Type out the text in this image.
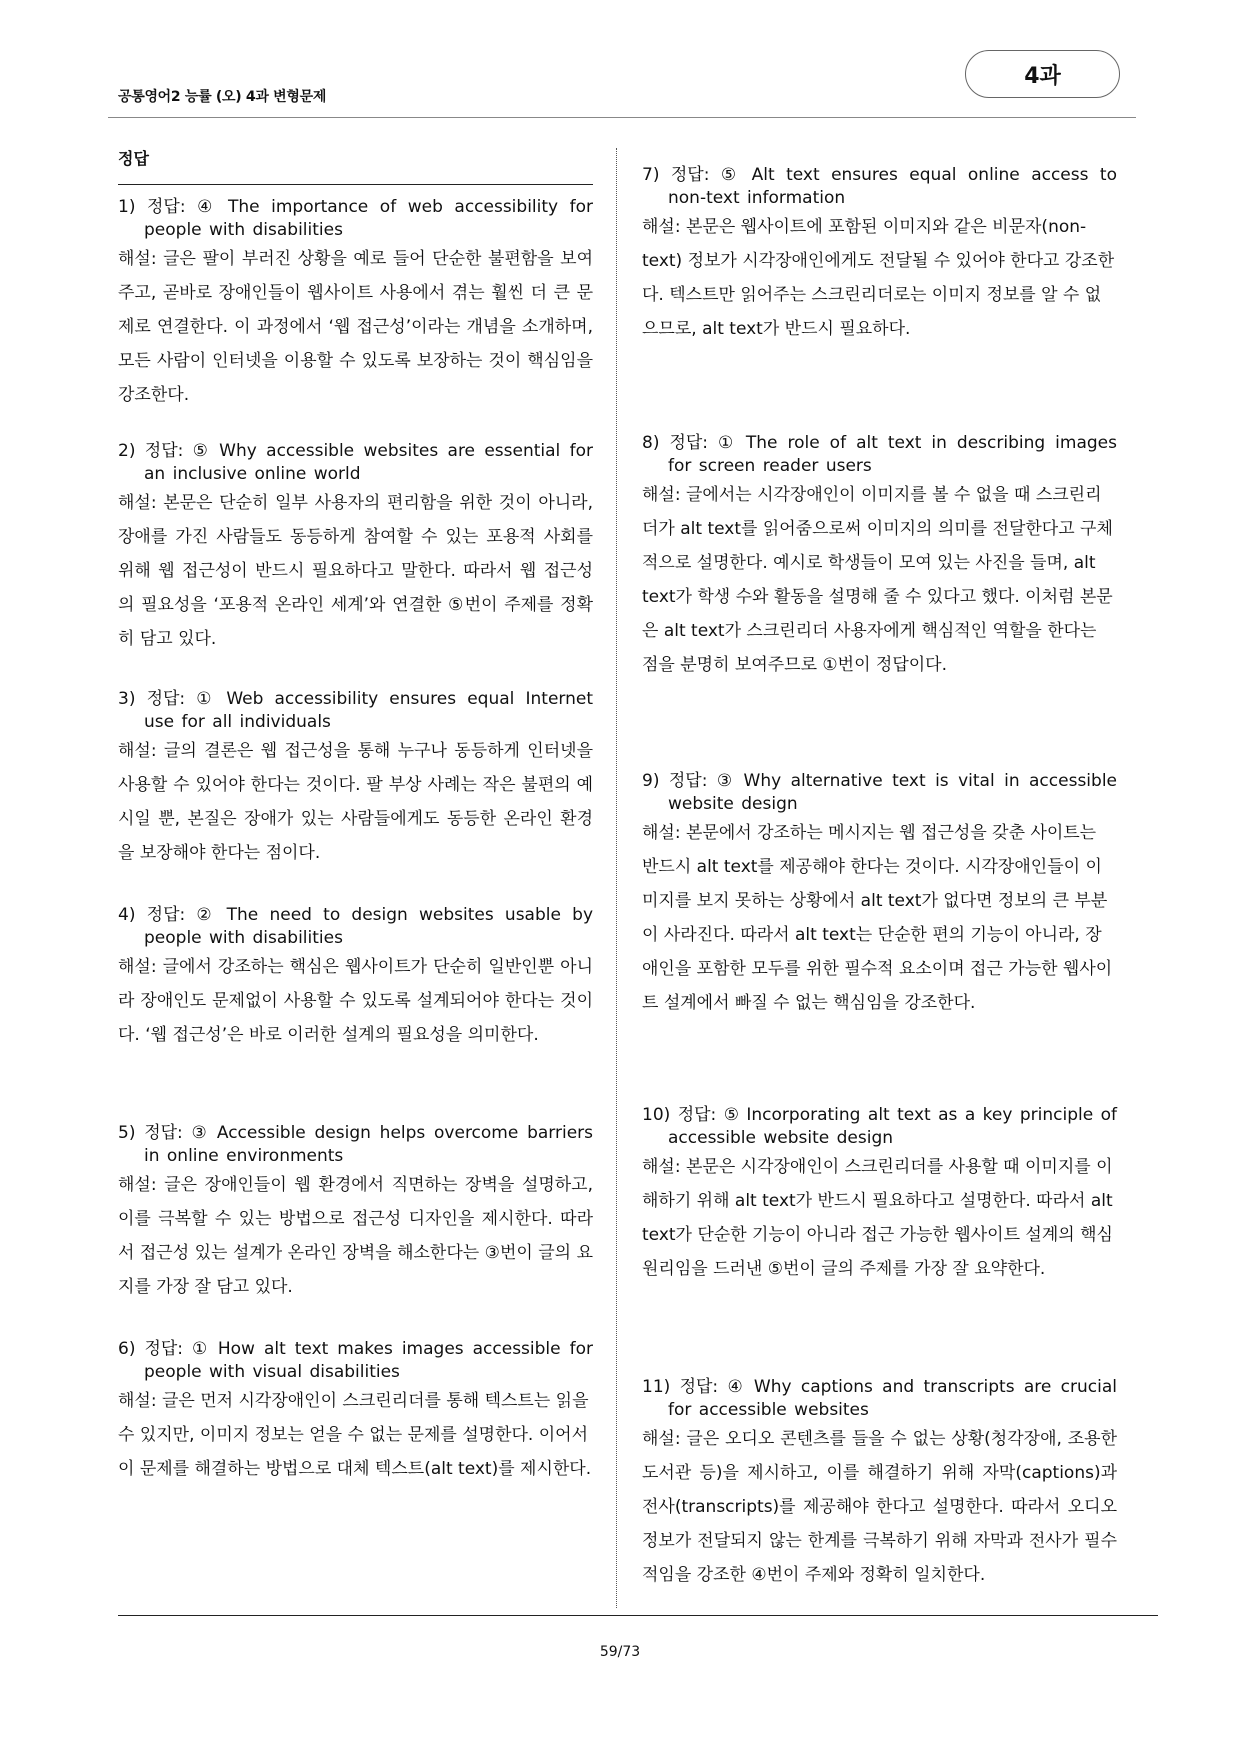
공통영어2 능률 (오) 4과 변형문제
4과
정답
1) 정답: ④ The importance of web accessibility for people with disabilities
해설: 글은 팔이 부러진 상황을 예로 들어 단순한 불편함을 보여주고, 곧바로 장애인들이 웹사이트 사용에서 겪는 훨씬 더 큰 문제로 연결한다. 이 과정에서 ‘웹 접근성’이라는 개념을 소개하며, 모든 사람이 인터넷을 이용할 수 있도록 보장하는 것이 핵심임을 강조한다.
2) 정답: ⑤ Why accessible websites are essential for an inclusive online world
해설: 본문은 단순히 일부 사용자의 편리함을 위한 것이 아니라, 장애를 가진 사람들도 동등하게 참여할 수 있는 포용적 사회를 위해 웹 접근성이 반드시 필요하다고 말한다. 따라서 웹 접근성의 필요성을 ‘포용적 온라인 세계’와 연결한 ⑤번이 주제를 정확히 담고 있다.
3) 정답: ① Web accessibility ensures equal Internet use for all individuals
해설: 글의 결론은 웹 접근성을 통해 누구나 동등하게 인터넷을 사용할 수 있어야 한다는 것이다. 팔 부상 사례는 작은 불편의 예시일 뿐, 본질은 장애가 있는 사람들에게도 동등한 온라인 환경을 보장해야 한다는 점이다.
4) 정답: ② The need to design websites usable by people with disabilities
해설: 글에서 강조하는 핵심은 웹사이트가 단순히 일반인뿐 아니라 장애인도 문제없이 사용할 수 있도록 설계되어야 한다는 것이다. ‘웹 접근성’은 바로 이러한 설계의 필요성을 의미한다.
5) 정답: ③ Accessible design helps overcome barriers in online environments
해설: 글은 장애인들이 웹 환경에서 직면하는 장벽을 설명하고, 이를 극복할 수 있는 방법으로 접근성 디자인을 제시한다. 따라서 접근성 있는 설계가 온라인 장벽을 해소한다는 ③번이 글의 요지를 가장 잘 담고 있다.
6) 정답: ① How alt text makes images accessible for people with visual disabilities
해설: 글은 먼저 시각장애인이 스크린리더를 통해 텍스트는 읽을 수 있지만, 이미지 정보는 얻을 수 없는 문제를 설명한다. 이어서 이 문제를 해결하는 방법으로 대체 텍스트(alt text)를 제시한다.
7) 정답: ⑤ Alt text ensures equal online access to non-text information
해설: 본문은 웹사이트에 포함된 이미지와 같은 비문자(non-text) 정보가 시각장애인에게도 전달될 수 있어야 한다고 강조한다. 텍스트만 읽어주는 스크린리더로는 이미지 정보를 알 수 없으므로, alt text가 반드시 필요하다.
8) 정답: ① The role of alt text in describing images for screen reader users
해설: 글에서는 시각장애인이 이미지를 볼 수 없을 때 스크린리더가 alt text를 읽어줌으로써 이미지의 의미를 전달한다고 구체적으로 설명한다. 예시로 학생들이 모여 있는 사진을 들며, alt text가 학생 수와 활동을 설명해 줄 수 있다고 했다. 이처럼 본문은 alt text가 스크린리더 사용자에게 핵심적인 역할을 한다는 점을 분명히 보여주므로 ①번이 정답이다.
9) 정답: ③ Why alternative text is vital in accessible website design
해설: 본문에서 강조하는 메시지는 웹 접근성을 갖춘 사이트는 반드시 alt text를 제공해야 한다는 것이다. 시각장애인들이 이미지를 보지 못하는 상황에서 alt text가 없다면 정보의 큰 부분이 사라진다. 따라서 alt text는 단순한 편의 기능이 아니라, 장애인을 포함한 모두를 위한 필수적 요소이며 접근 가능한 웹사이트 설계에서 빠질 수 없는 핵심임을 강조한다.
10) 정답: ⑤ Incorporating alt text as a key principle of accessible website design
해설: 본문은 시각장애인이 스크린리더를 사용할 때 이미지를 이해하기 위해 alt text가 반드시 필요하다고 설명한다. 따라서 alt text가 단순한 기능이 아니라 접근 가능한 웹사이트 설계의 핵심 원리임을 드러낸 ⑤번이 글의 주제를 가장 잘 요약한다.
11) 정답: ④ Why captions and transcripts are crucial for accessible websites
해설: 글은 오디오 콘텐츠를 들을 수 없는 상황(청각장애, 조용한 도서관 등)을 제시하고, 이를 해결하기 위해 자막(captions)과 전사(transcripts)를 제공해야 한다고 설명한다. 따라서 오디오 정보가 전달되지 않는 한계를 극복하기 위해 자막과 전사가 필수적임을 강조한 ④번이 주제와 정확히 일치한다.
59/73
